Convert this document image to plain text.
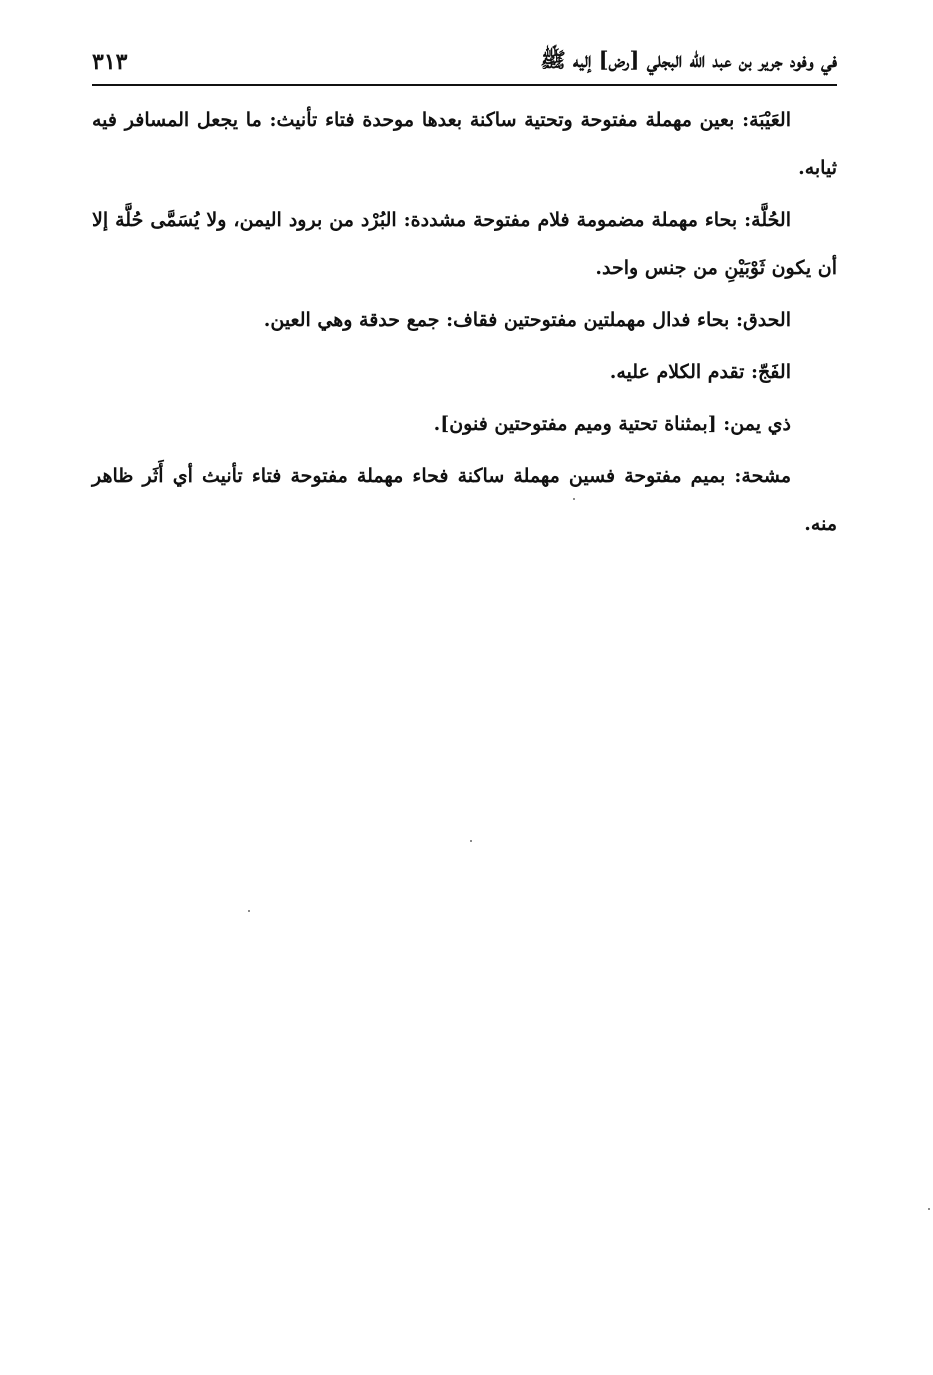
في وفود جرير بن عبد الله البجلي [رض] إليه ﷺ
٣١٣

العَيْبَة: بعين مهملة مفتوحة وتحتية ساكنة بعدها موحدة فتاء تأنيث: ما يجعل المسافر فيه ثيابه.

الحُلَّة: بحاء مهملة مضمومة فلام مفتوحة مشددة: البُرْد من برود اليمن، ولا يُسَمَّى حُلَّة إلا أن يكون ثَوْبَيْنِ من جنس واحد.

الحدق: بحاء فدال مهملتين مفتوحتين فقاف: جمع حدقة وهي العين.

الفَجّ: تقدم الكلام عليه.

ذي يمن: [بمثناة تحتية وميم مفتوحتين فنون].

مشحة: بميم مفتوحة فسين مهملة ساكنة فحاء مهملة مفتوحة فتاء تأنيث أي أَثَر ظاهر منه.
